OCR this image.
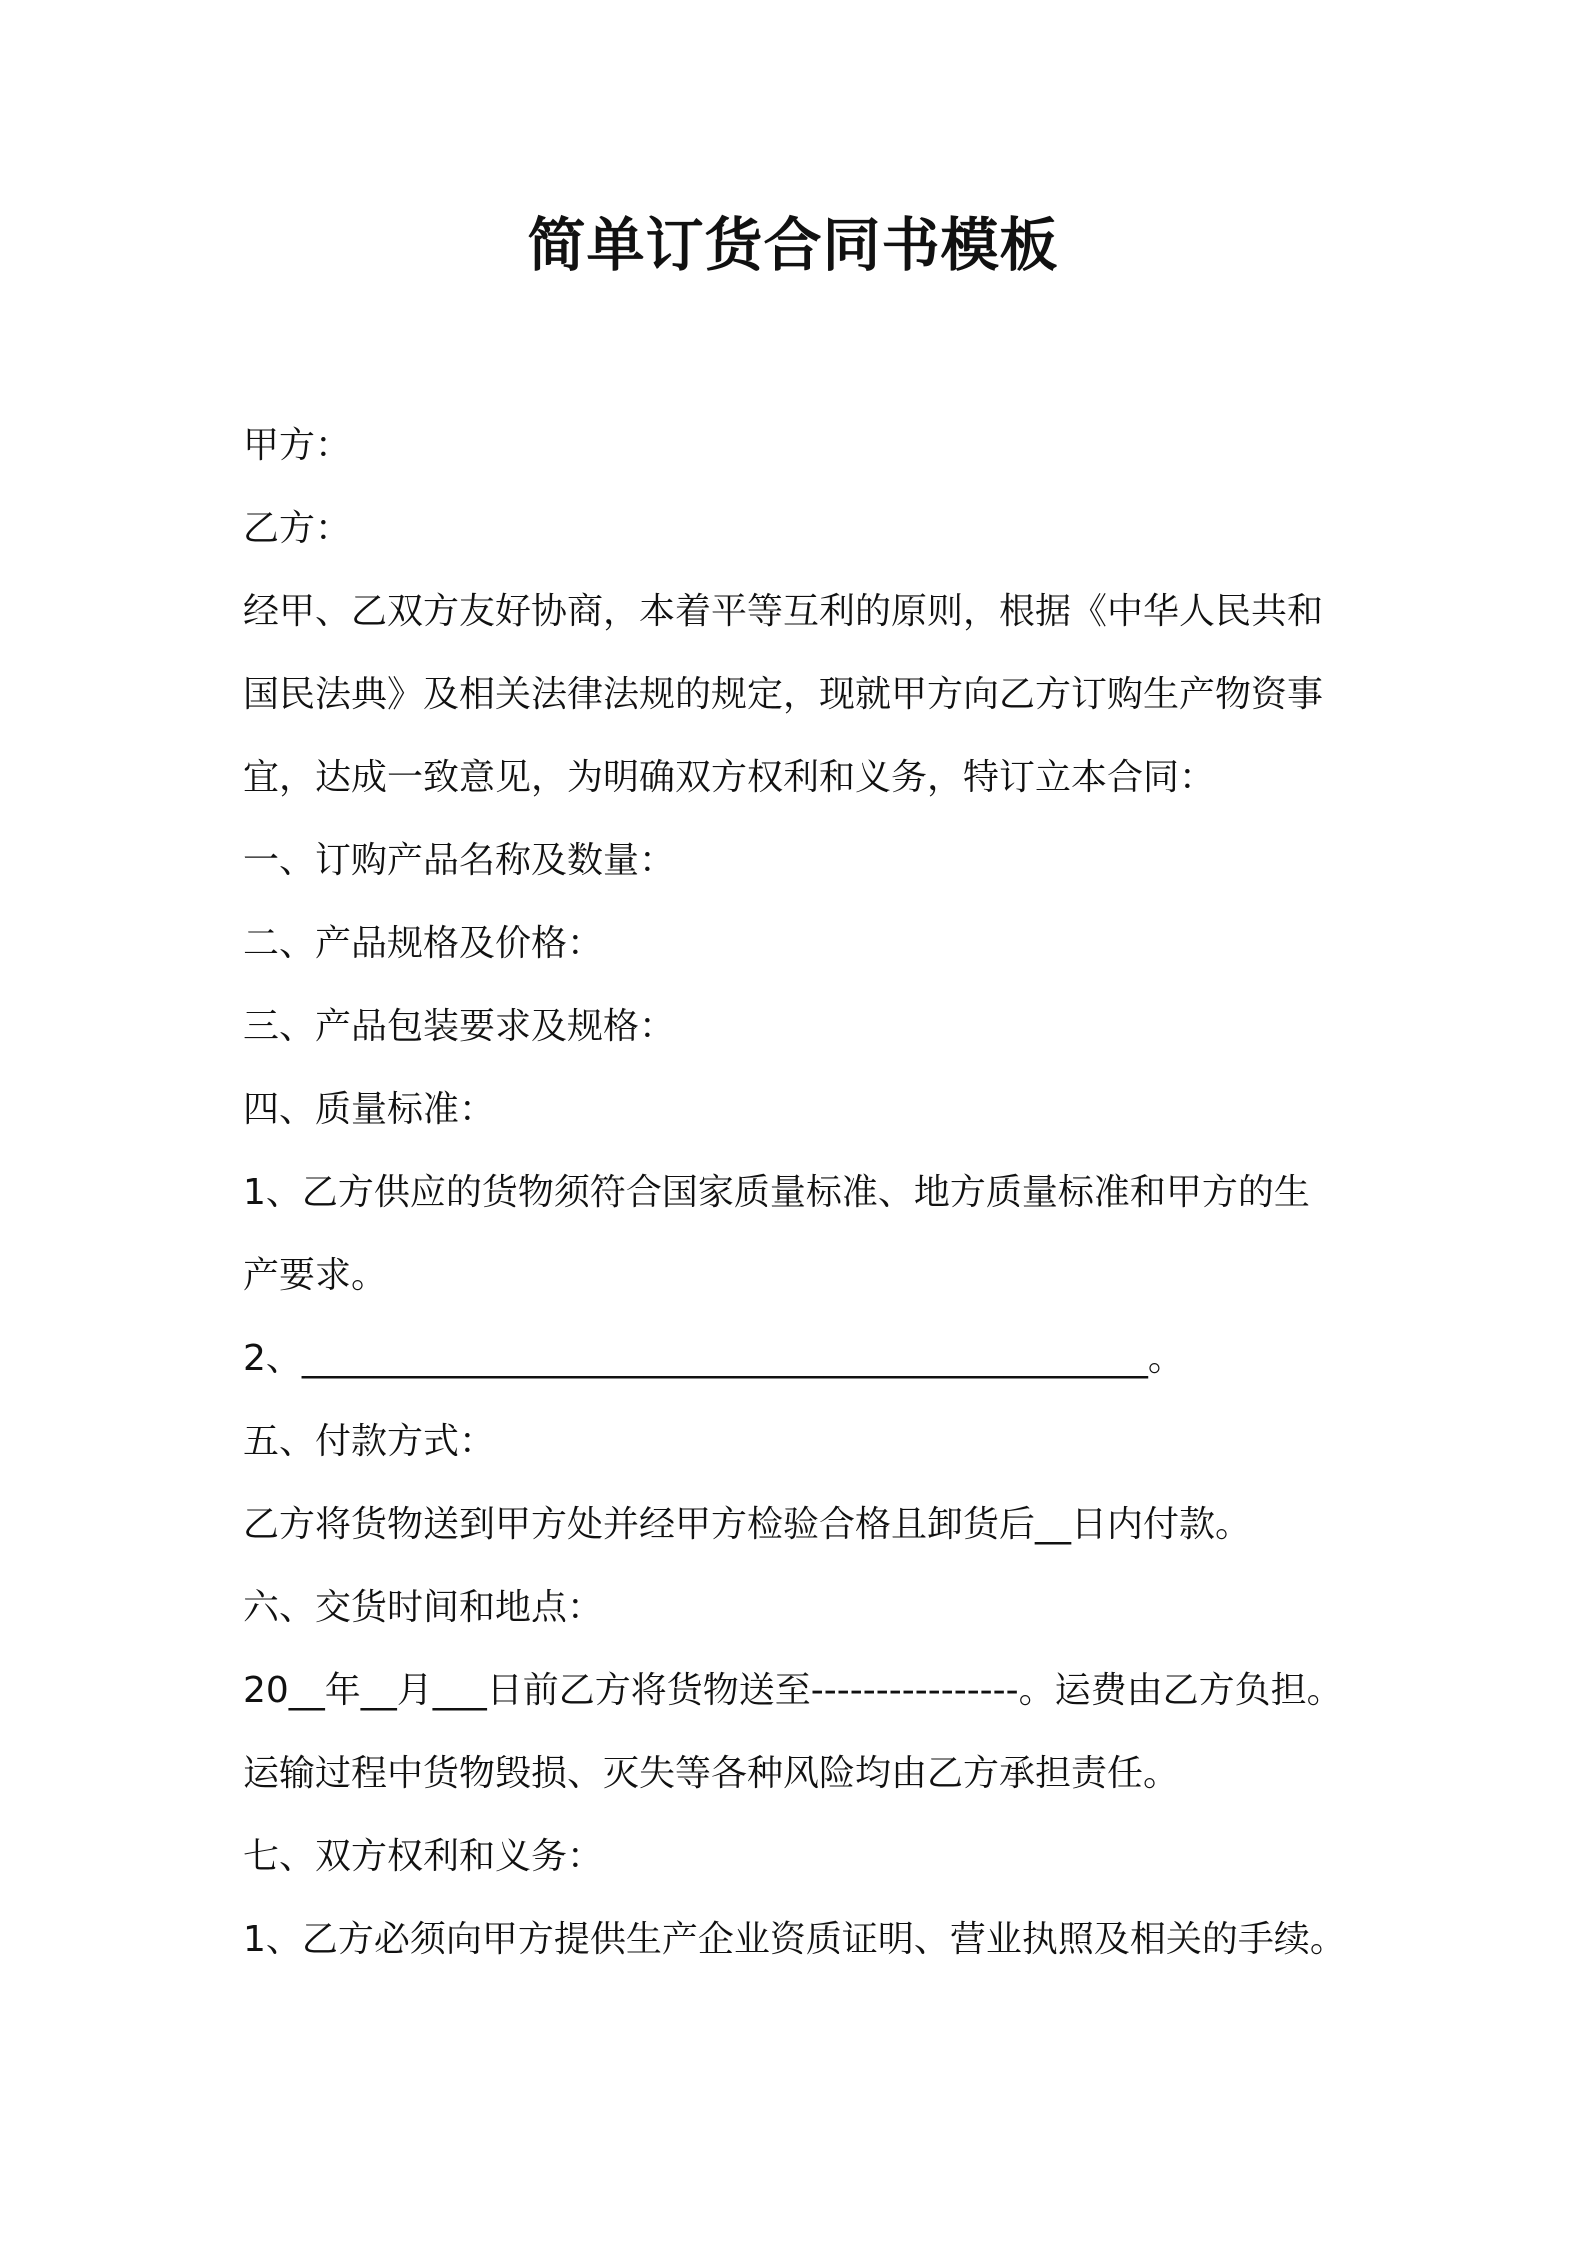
简单订货合同书模板
甲方：
乙方：
经甲、乙双方友好协商，本着平等互利的原则，根据《中华人民共和
国民法典》及相关法律法规的规定，现就甲方向乙方订购生产物资事
宜，达成一致意见，为明确双方权利和义务，特订立本合同：
一、订购产品名称及数量：
二、产品规格及价格：
三、产品包装要求及规格：
四、质量标准：
1、乙方供应的货物须符合国家质量标准、地方质量标准和甲方的生
产要求。
2、_______________________________________________。
五、付款方式：
乙方将货物送到甲方处并经甲方检验合格且卸货后__日内付款。
六、交货时间和地点：
20__年__月___日前乙方将货物送至----------------。运费由乙方负担。
运输过程中货物毁损、灭失等各种风险均由乙方承担责任。
七、双方权利和义务：
1、乙方必须向甲方提供生产企业资质证明、营业执照及相关的手续。
